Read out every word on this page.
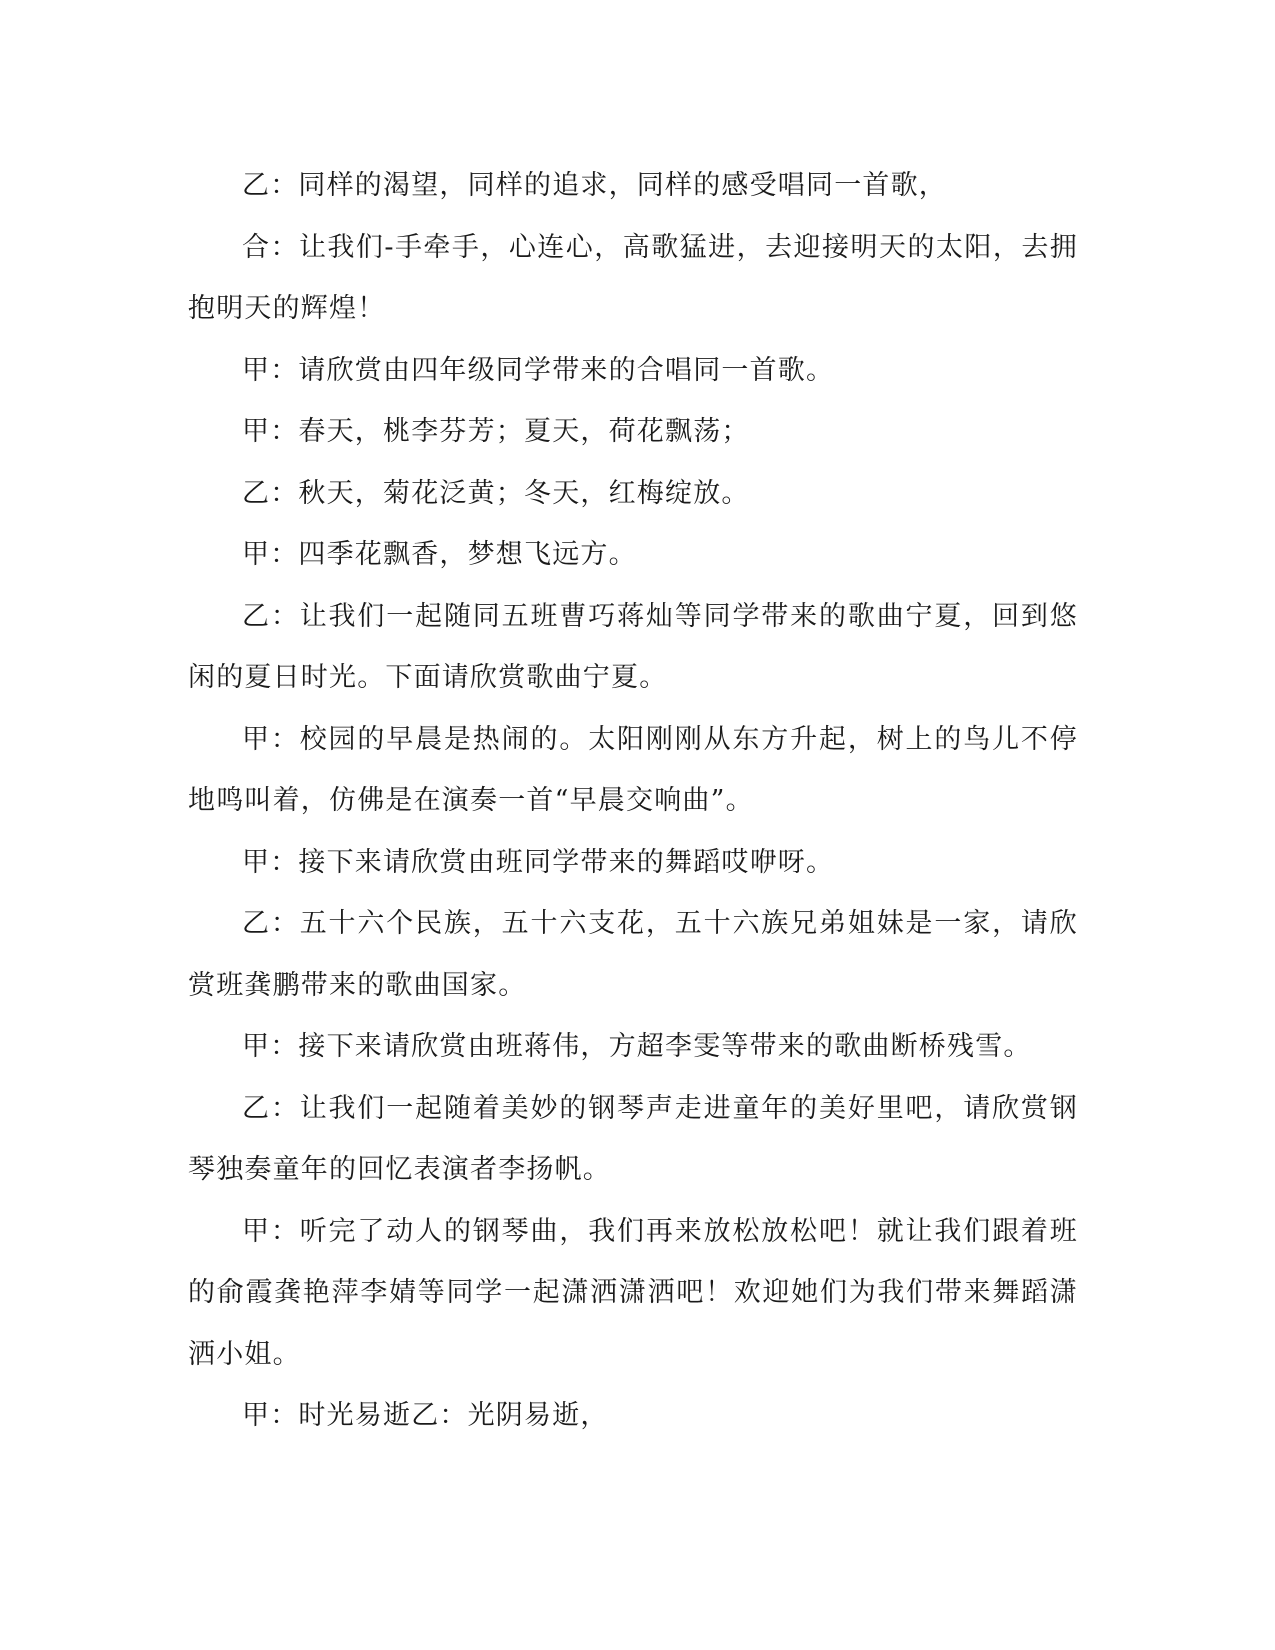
乙：同样的渴望，同样的追求，同样的感受唱同一首歌，

合：让我们-手牵手，心连心，高歌猛进，去迎接明天的太阳，去拥抱明天的辉煌！

甲：请欣赏由四年级同学带来的合唱同一首歌。

甲：春天，桃李芬芳；夏天，荷花飘荡；

乙：秋天，菊花泛黄；冬天，红梅绽放。

甲：四季花飘香，梦想飞远方。

乙：让我们一起随同五班曹巧蒋灿等同学带来的歌曲宁夏，回到悠闲的夏日时光。下面请欣赏歌曲宁夏。

甲：校园的早晨是热闹的。太阳刚刚从东方升起，树上的鸟儿不停地鸣叫着，仿佛是在演奏一首“早晨交响曲”。

甲：接下来请欣赏由班同学带来的舞蹈哎咿呀。

乙：五十六个民族，五十六支花，五十六族兄弟姐妹是一家，请欣赏班龚鹏带来的歌曲国家。

甲：接下来请欣赏由班蒋伟，方超李雯等带来的歌曲断桥残雪。

乙：让我们一起随着美妙的钢琴声走进童年的美好里吧，请欣赏钢琴独奏童年的回忆表演者李扬帆。

甲：听完了动人的钢琴曲，我们再来放松放松吧！就让我们跟着班的俞霞龚艳萍李婧等同学一起潇洒潇洒吧！欢迎她们为我们带来舞蹈潇洒小姐。

甲：时光易逝乙：光阴易逝，
